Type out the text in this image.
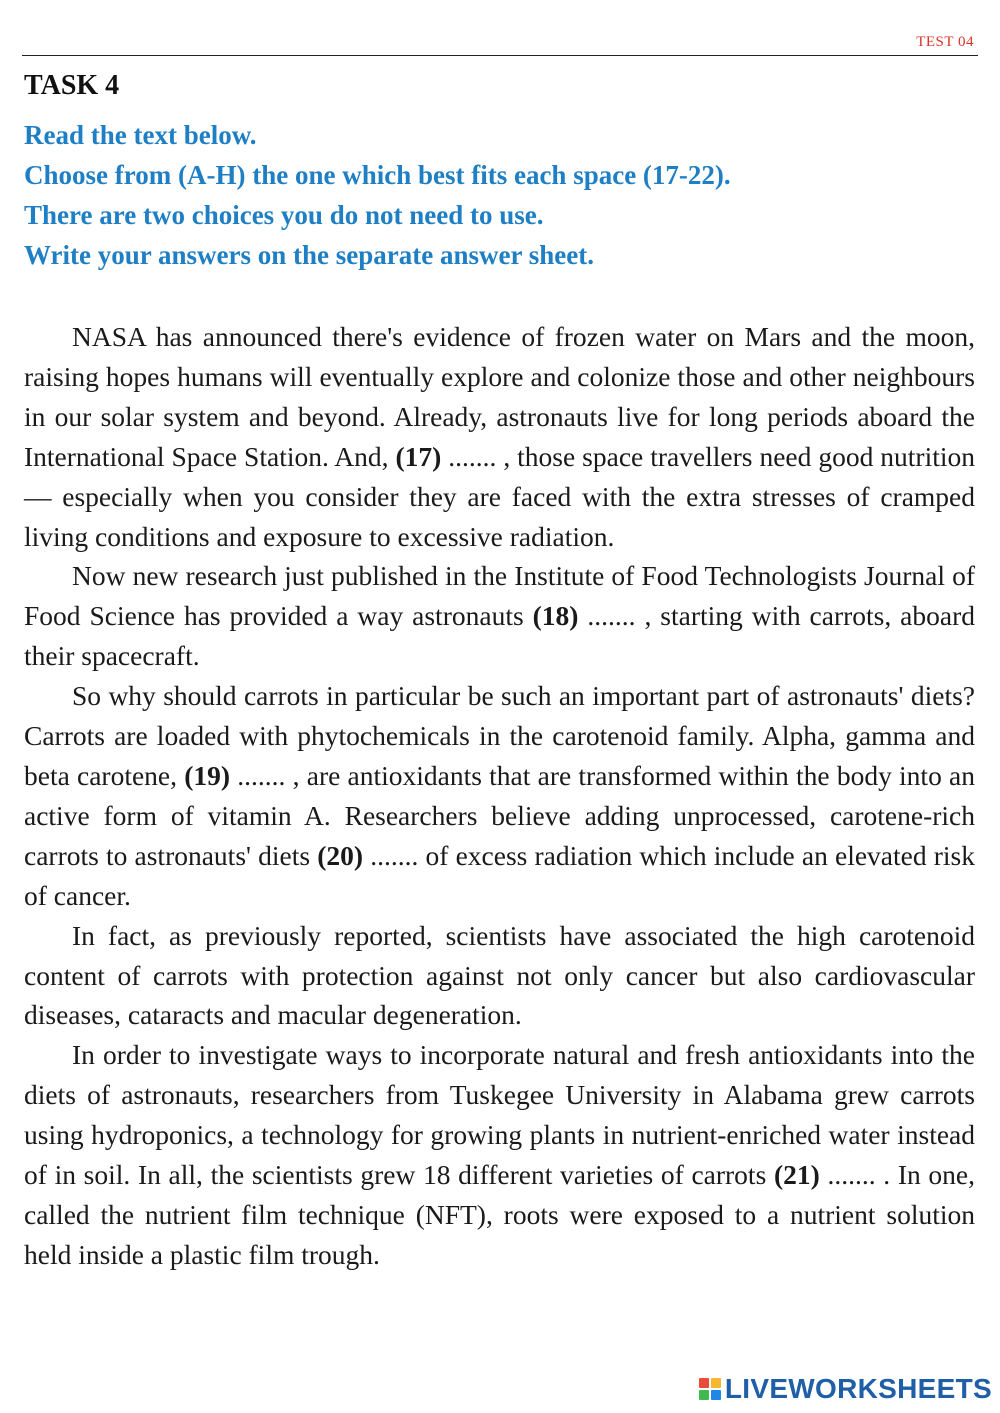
TEST 04
TASK 4
Read the text below.
Choose from (A-H) the one which best fits each space (17-22).
There are two choices you do not need to use.
Write your answers on the separate answer sheet.

NASA has announced there's evidence of frozen water on Mars and the moon, raising hopes humans will eventually explore and colonize those and other neighbours in our solar system and beyond. Already, astronauts live for long periods aboard the International Space Station. And, (17) ....... , those space travellers need good nutrition— especially when you consider they are faced with the extra stresses of cramped living conditions and exposure to excessive radiation.

Now new research just published in the Institute of Food Technologists Journal of Food Science has provided a way astronauts (18) ....... , starting with carrots, aboard their spacecraft.

So why should carrots in particular be such an important part of astronauts' diets? Carrots are loaded with phytochemicals in the carotenoid family. Alpha, gamma and beta carotene, (19) ....... , are antioxidants that are transformed within the body into an active form of vitamin A. Researchers believe adding unprocessed, carotene-rich carrots to astronauts' diets (20) ....... of excess radiation which include an elevated risk of cancer.

In fact, as previously reported, scientists have associated the high carotenoid content of carrots with protection against not only cancer but also cardiovascular diseases, cataracts and macular degeneration.

In order to investigate ways to incorporate natural and fresh antioxidants into the diets of astronauts, researchers from Tuskegee University in Alabama grew carrots using hydroponics, a technology for growing plants in nutrient-enriched water instead of in soil. In all, the scientists grew 18 different varieties of carrots (21) ....... . In one, called the nutrient film technique (NFT), roots were exposed to a nutrient solution held inside a plastic film trough.

LIVEWORKSHEETS
